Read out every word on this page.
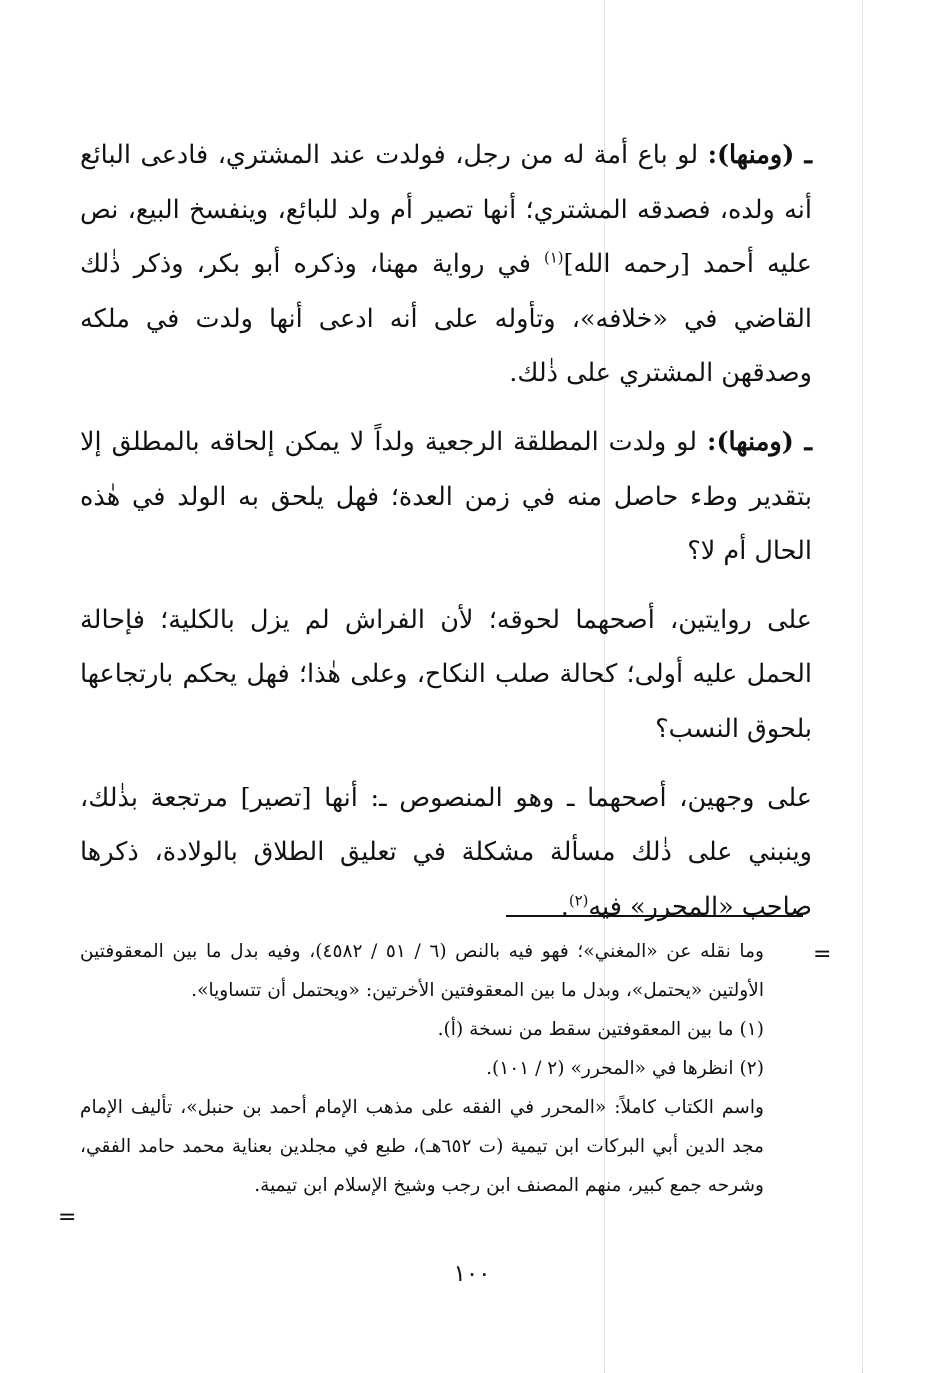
ـ (ومنها): لو باع أمة له من رجل، فولدت عند المشتري، فادعى البائع أنه ولده، فصدقه المشتري؛ أنها تصير أم ولد للبائع، وينفسخ البيع، نص عليه أحمد [رحمه الله]$^{(١)}$ في رواية مهنا، وذكره أبو بكر، وذكر ذٰلك القاضي في «خلافه»، وتأوله على أنه ادعى أنها ولدت في ملكه وصدقهن المشتري على ذٰلك.

ـ (ومنها): لو ولدت المطلقة الرجعية ولداً لا يمكن إلحاقه بالمطلق إلا بتقدير وطء حاصل منه في زمن العدة؛ فهل يلحق به الولد في هٰذه الحال أم لا؟

على روايتين، أصحهما لحوقه؛ لأن الفراش لم يزل بالكلية؛ فإحالة الحمل عليه أولى؛ كحالة صلب النكاح، وعلى هٰذا؛ فهل يحكم بارتجاعها بلحوق النسب؟

على وجهين، أصحهما ـ وهو المنصوص ـ: أنها [تصير] مرتجعة بذٰلك، وينبني على ذٰلك مسألة مشكلة في تعليق الطلاق بالولادة، ذكرها صاحب «المحرر» فيه$^{(٢)}$.

=
=

وما نقله عن «المغني»؛ فهو فيه بالنص (٦ / ٥١ / ٤٥٨٢)، وفيه بدل ما بين المعقوفتين الأولتين «يحتمل»، وبدل ما بين المعقوفتين الأخرتين: «ويحتمل أن تتساويا».

(١) ما بين المعقوفتين سقط من نسخة (أ).

(٢) انظرها في «المحرر» (٢ / ١٠١).

واسم الكتاب كاملاً: «المحرر في الفقه على مذهب الإمام أحمد بن حنبل»، تأليف الإمام مجد الدين أبي البركات ابن تيمية (ت ٦٥٢هـ)، طبع في مجلدين بعناية محمد حامد الفقي، وشرحه جمع كبير، منهم المصنف ابن رجب وشيخ الإسلام ابن تيمية.

١٠٠
